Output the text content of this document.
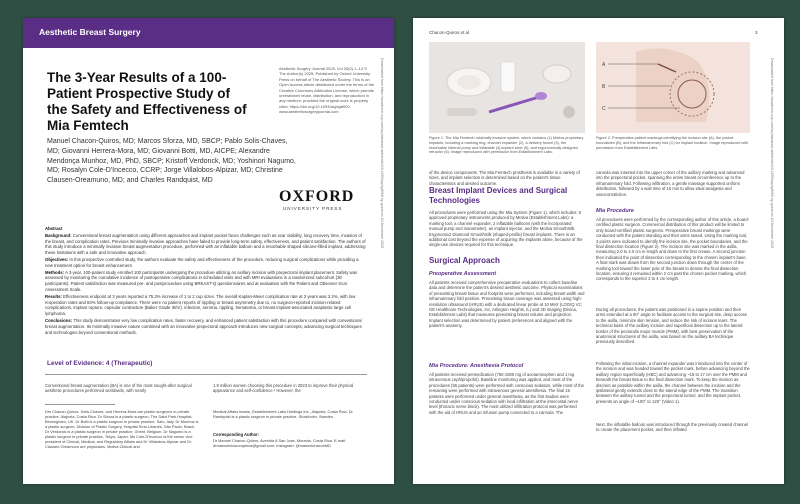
Aesthetic Breast Surgery
The 3-Year Results of a 100-Patient Prospective Study of the Safety and Effectiveness of Mia Femtech
Aesthetic Surgery Journal 2025, Vol 00(0) 1–13 © The Author(s) 2025. Published by Oxford University Press on behalf of The Aesthetic Society. This is an Open Access article distributed under the terms of the Creative Commons Attribution License, which permits unrestricted reuse, distribution, and reproduction in any medium, provided the original work is properly cited. https://doi.org/10.1093/asj/sjaf000 www.aestheticsurgeryjournal.com
OXFORD
UNIVERSITY PRESS
Manuel Chacon-Quiros, MD; Marcos Sforza, MD, SBCP; Pablo Solis-Chaves, MD; Giovanni Herrera-Mora, MD; Giovanni Botti, MD, AICPE; Alexandre Mendonça Munhoz, MD, PhD, SBCP; Kristoff Verdonck, MD; Yoshinori Nagumo, MD; Rosalyn Cole-D'Incecco, CCRP; Jorge Villalobos-Alpizar, MD; Christine Clausen-Oreamuno, MD; and Charles Randquist, MD

Abstract

Background: Conventional breast augmentation using different approaches and implant pocket faces challenges such as scar visibility, long recovery time, invasion of the breast, and complication rates. Previous minimally invasive approaches have failed to provide long-term safety, effectiveness, and patient satisfaction. The authors of this study introduce a minimally invasive breast augmentation procedure, performed with an inflatable balloon and a resorbable shaped silicone-filled implant, addressing these limitations with a safe and innovative approach.

Objectives: In this prospective controlled study, the authors evaluate the safety and effectiveness of the procedure, reducing surgical complications while providing a new treatment option for breast enhancement.

Methods: A 3-year, 100-patient study enrolled 100 participants undergoing the procedure utilizing an axillary incision with prepectoral implant placement. Safety was assessed by monitoring the cumulative incidence of postoperative complications in scheduled visits and with MRI evaluations in a randomized subcohort (30 participants). Patient satisfaction was measured pre- and postprocedure using BREAST-Q questionnaires and at evaluation with the Patient and Observer Scar Assessment Scale.

Results: Effectiveness endpoint at 3 years reported a 75.3% increase of 1 to 2 cup sizes. The overall Kaplan-Meier complication rate at 3 years was 3.2%, with low reoperation rates and 83% follow-up compliance. There were no patient reports of rippling or breast asymmetry due to, no surgeon-reported incision-related complications, implant rupture, capsular contracture (Baker Grade III/IV), infection, seroma, rippling, hematoma, or breast implant-associated anaplastic large cell lymphoma.

Conclusions: This study demonstrates very low complication rates, faster recovery, and enhanced patient satisfaction with this procedure compared with conventional breast augmentation. Its minimally invasive nature combined with an innovative prepectoral approach introduces new surgical concepts, advancing surgical techniques and technologies beyond conventional methods.

Level of Evidence: 4 (Therapeutic)
Conventional breast augmentation (BA) is one of the most sought-after surgical aesthetic procedures performed worldwide, with nearly
1.9 million women choosing this procedure in 2023 to improve their physical appearance and self-confidence.¹ However, the
Drs Chacon-Quiros, Solis-Chaves, and Herrera-Mora are plastic surgeons in private practice, Alajuela, Costa Rica. Dr Sforza is a plastic surgeon, The Dalvi Park Hospital, Birmingham, UK. Dr Botti is a plastic surgeon in private practice, Salò, Italy. Dr Munhoz is a plastic surgeon, Division of Plastic Surgery, Hospital Sírio-Libanês, São Paulo, Brazil. Dr Verdonck is a plastic surgeon in private practice, Ghent, Belgium. Dr Nagumo is a plastic surgeon in private practice, Tokyo, Japan. Ms Cole-D'Incecco is the senior vice president of Clinical, Medical, and Regulatory Affairs and Dr Villalobos-Alpizar and Dr Clausen-Oreamuno are physicians, Motiva Clinical and
Medical Affairs teams, Establishment Labs Holdings Inc., Alajuela, Costa Rica. Dr Randquist is a plastic surgeon in private practice, Stockholm, Sweden.
Corresponding Author:
Dr Manuel Chacon-Quiros, Avenida 8 San Jose, Moravia, Costa Rica. E-mail: drmanuelchaconquiros@gmail.com; Instagram: @manuelchaconMD
Downloaded from https://academic.oup.com/asj/advance-article/doi/10.1093/asj/sjaf000 by guest on 10 December 2025
Chacon-Quiros et al	3
A
B
C
Figure 1. The Mia Femtech minimally invasive system, which contains (1) Motiva proprietary implants, including a marking ring, channel expander (2), a delivery funnel (3), the resorbable internal pump and inflatable (4) implant sizer (5), and ergonomically designed retractor (6). Image reproduced with permission from Establishment Labs.
Figure 2. Preoperative patient markings identifying the incision site (A), the pocket boundaries (B), and the inframammary fold (C) for implant location. Image reproduced with permission from Establishment Labs.
of the device components. The Mia Femtech prosthesis is available in a variety of sizes, and implant selection is determined based on the patient's tissue characteristics and desired outcome.
Breast Implant Devices and Surgical Technologies
All procedures were performed using the Mia System (Figure 1), which includes: 6 approved proprietary instruments produced by Motiva (Establishment Labs): a marking tool, a channel expander, 2 inflatable balloons (with the incorporated manual pump and manometer), an implant injector, and the Motiva SmoothSilk Ergonomix2 Diamond SmoothSilk (shaped-profile) breast implants. There is an additional cost beyond the expense of acquiring the implants alone, because of the single-use devices required for this technique.
Surgical Approach
Preoperative Assessment
All patients received comprehensive preoperative evaluations to collect baseline data and determine the patient's desired aesthetic outcome. Physical examinations of preexisting breast tissue and footprint were performed, including breast width and inframammary fold position. Preexisting tissue coverage was assessed using high-resolution ultrasound (HRUS) with a dedicated linear probe at 10 MHz (LOGIQ V2; GE Healthcare Technologies, Inc, Arlington Heights, IL) and 3D imaging (Divina, Establishment Labs) that measures preexisting breast volume and projection. Implant selection was determined by patient preferences and aligned with the patient's anatomy.
Mia Procedure: Anesthesia Protocol
All patients received premedication (750-1500 mg of acetaminophen and 1 mg intravenous ceph/propofol). Baseline monitoring was applied, and most of the procedures (55 patients) were performed with conscious sedation, while most of the remaining were performed with intravenous general anesthesia. The final 15 patients were performed under general anesthesia, as the first studies were conducted under conscious sedation with local infiltration at the intercostal nerve level (thoracic nerve block). The most utilized infiltration protocol was performed with the aid of HRUS and an infusion pump connected to a cannula. The
cannula was inserted into the upper corner of the axillary marking and advanced into the prepectoral pocket, spanning the entire breast circumference up to the inframammary fold. Following infiltration, a gentle massage supported uniform distribution, followed by a wait time of 15 min to allow ideal analgesia and vasoconstriction.
Mia Procedure
All procedures were performed by the corresponding author of this article, a board-certified plastic surgeon. Commercial distribution of this product will be limited to only board-certified plastic surgeons. Preoperative breast markings were conducted with the patient standing and their arms raised. Using the marking tool, 3 points were indicated to identify the incision site, the pocket boundaries, and the final dissection location (Figure 2). The incision site was marked in the axilla, measuring 2.0 to 4.0 cm in length and down to the first crease. A second junction then indicated the point of dissection corresponding to the chosen implant's base. A final mark was drawn from the second junction down through the center of the marking tool toward the lower pole of the breast to denote the final dissection location, ensuring it remained within 2 cm past the chosen pocket marking, which corresponds to the superior 3 to 4 cm length.
During all procedures, the patient was positioned in a supine position and their arms extended at a 90° angle to facilitate access to the surgical site, deep access to the axilla, minimize skin tension, and reduce the risk of incision tears. The technical basis of the axillary incision and superficial dissection up to the lateral border of the pectoralis major muscle (PMM), with best preservation of the anatomical structures of the axilla, was based on the axillary BA technique previously described.
Following the initial incision, a channel expander was introduced into the center of the incision and was headed toward the pocket mark, before advancing beyond the axillary region superficially (HBC) and advancing ~15 to 17 cm over the PMM and beneath the breast tissue to the final dissection mark. To keep the incision as discreet as possible within the axilla, the channel between the incision and the ipsilateral gently extends close to the lateral edge of the PMM. The transition between the axillary tunnel and the prepectoral tunnel, and the implant pocket, presents an angle of ~100° to 120° (Video 1).
Next, the inflatable balloon was introduced through the previously created channel to create the placement pocket, and then inflated
Downloaded from https://academic.oup.com/asj/advance-article/doi/10.1093/asj/sjaf000 by guest on 10 December 2025
